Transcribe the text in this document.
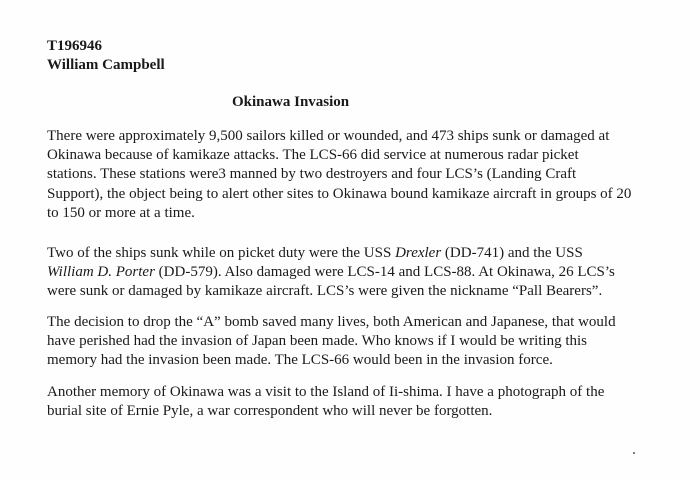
T196946

William Campbell

Okinawa Invasion

There were approximately 9,500 sailors killed or wounded, and 473 ships sunk or damaged at
Okinawa because of kamikaze attacks. The LCS-66 did service at numerous radar picket
stations. These stations were3 manned by two destroyers and four LCS’s (Landing Craft
Support), the object being to alert other sites to Okinawa bound kamikaze aircraft in groups of 20
to 150 or more at a time.

Two of the ships sunk while on picket duty were the USS Drexler (DD-741) and the USS
William D. Porter (DD-579). Also damaged were LCS-14 and LCS-88. At Okinawa, 26 LCS’s
were sunk or damaged by kamikaze aircraft. LCS’s were given the nickname “Pall Bearers”.

The decision to drop the “A” bomb saved many lives, both American and Japanese, that would
have perished had the invasion of Japan been made. Who knows if I would be writing this
memory had the invasion been made. The LCS-66 would been in the invasion force.

Another memory of Okinawa was a visit to the Island of Ii-shima. I have a photograph of the
burial site of Ernie Pyle, a war correspondent who will never be forgotten.
